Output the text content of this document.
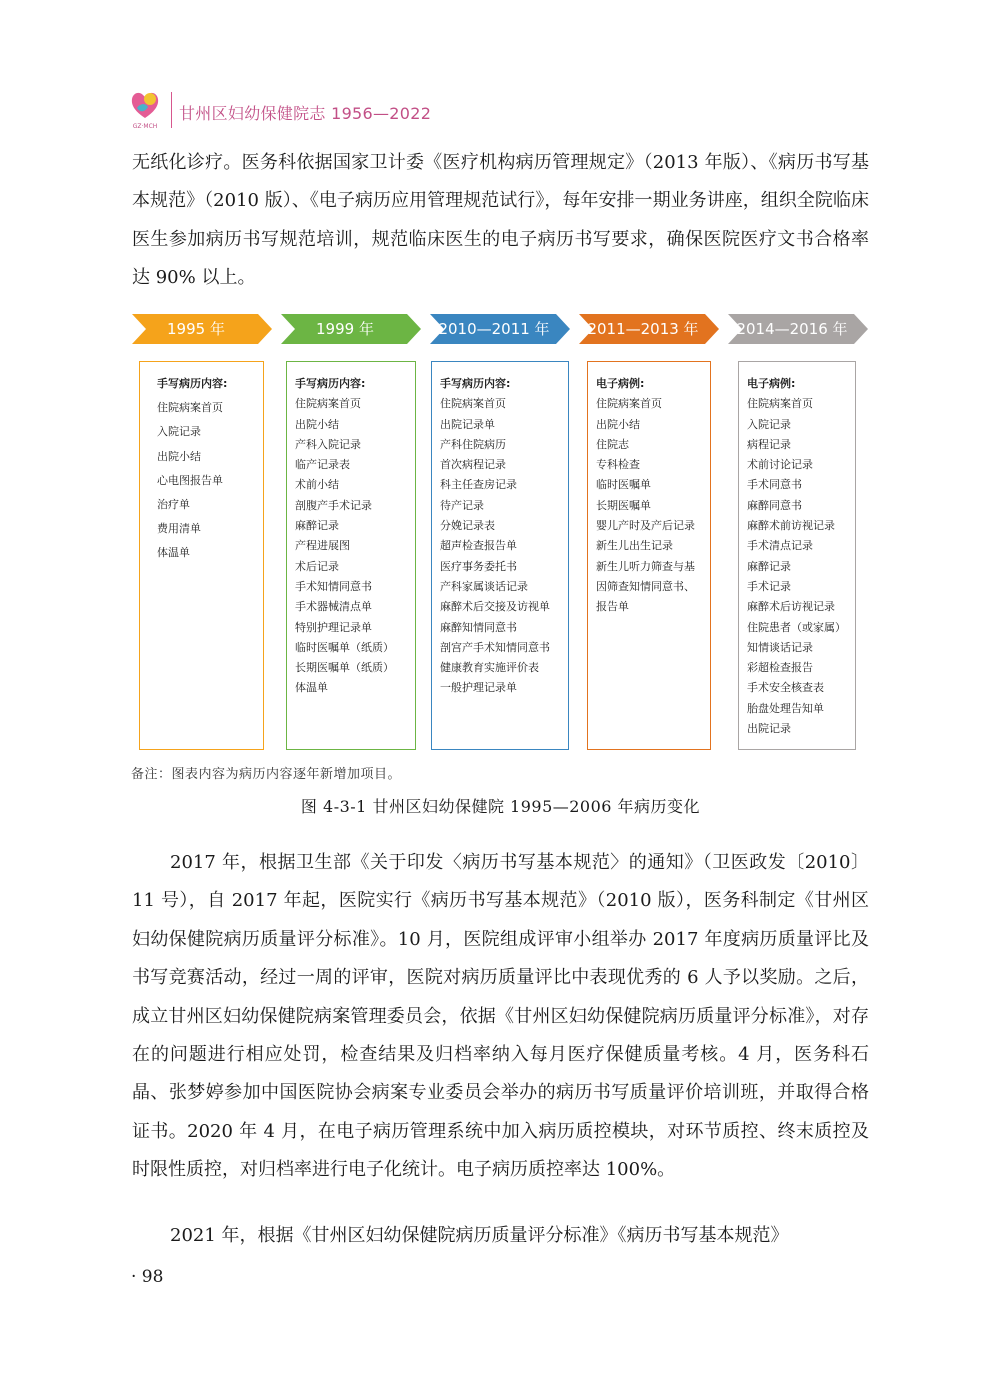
GZ·MCH
甘州区妇幼保健院志 1956—2022
无纸化诊疗。医务科依据国家卫计委《医疗机构病历管理规定》（2013 年版）、《病历书写基本规范》（2010 版）、《电子病历应用管理规范试行》，每年安排一期业务讲座，组织全院临床医生参加病历书写规范培训，规范临床医生的电子病历书写要求，确保医院医疗文书合格率达 90% 以上。
1995 年	1999 年	2010—2011 年	2011—2013 年	2014—2016 年
手写病历内容:
住院病案首页
入院记录
出院小结
心电图报告单
治疗单
费用清单
体温单
手写病历内容:
住院病案首页
出院小结
产科入院记录
临产记录表
术前小结
剖腹产手术记录
麻醉记录
产程进展图
术后记录
手术知情同意书
手术器械清点单
特别护理记录单
临时医嘱单（纸质）
长期医嘱单（纸质）
体温单
手写病历内容:
住院病案首页
出院记录单
产科住院病历
首次病程记录
科主任查房记录
待产记录
分娩记录表
超声检查报告单
医疗事务委托书
产科家属谈话记录
麻醉术后交接及访视单
麻醉知情同意书
剖宫产手术知情同意书
健康教育实施评价表
一般护理记录单
电子病例:
住院病案首页
出院小结
住院志
专科检查
临时医嘱单
长期医嘱单
婴儿产时及产后记录
新生儿出生记录
新生儿听力筛查与基
因筛查知情同意书、
报告单
电子病例:
住院病案首页
入院记录
病程记录
术前讨论记录
手术同意书
麻醉同意书
麻醉术前访视记录
手术清点记录
麻醉记录
手术记录
麻醉术后访视记录
住院患者（或家属）
知情谈话记录
彩超检查报告
手术安全核查表
胎盘处理告知单
出院记录
备注：图表内容为病历内容逐年新增加项目。
图 4-3-1 甘州区妇幼保健院 1995—2006 年病历变化
2017 年，根据卫生部《关于印发〈病历书写基本规范〉的通知》（卫医政发〔2010〕11 号），自 2017 年起，医院实行《病历书写基本规范》（2010 版），医务科制定《甘州区妇幼保健院病历质量评分标准》。10 月，医院组成评审小组举办 2017 年度病历质量评比及书写竞赛活动，经过一周的评审，医院对病历质量评比中表现优秀的 6 人予以奖励。之后，成立甘州区妇幼保健院病案管理委员会，依据《甘州区妇幼保健院病历质量评分标准》，对存在的问题进行相应处罚，检查结果及归档率纳入每月医疗保健质量考核。4 月，医务科石晶、张梦婷参加中国医院协会病案专业委员会举办的病历书写质量评价培训班，并取得合格证书。2020 年 4 月，在电子病历管理系统中加入病历质控模块，对环节质控、终末质控及时限性质控，对归档率进行电子化统计。电子病历质控率达 100%。
2021 年，根据《甘州区妇幼保健院病历质量评分标准》《病历书写基本规范》
· 98
